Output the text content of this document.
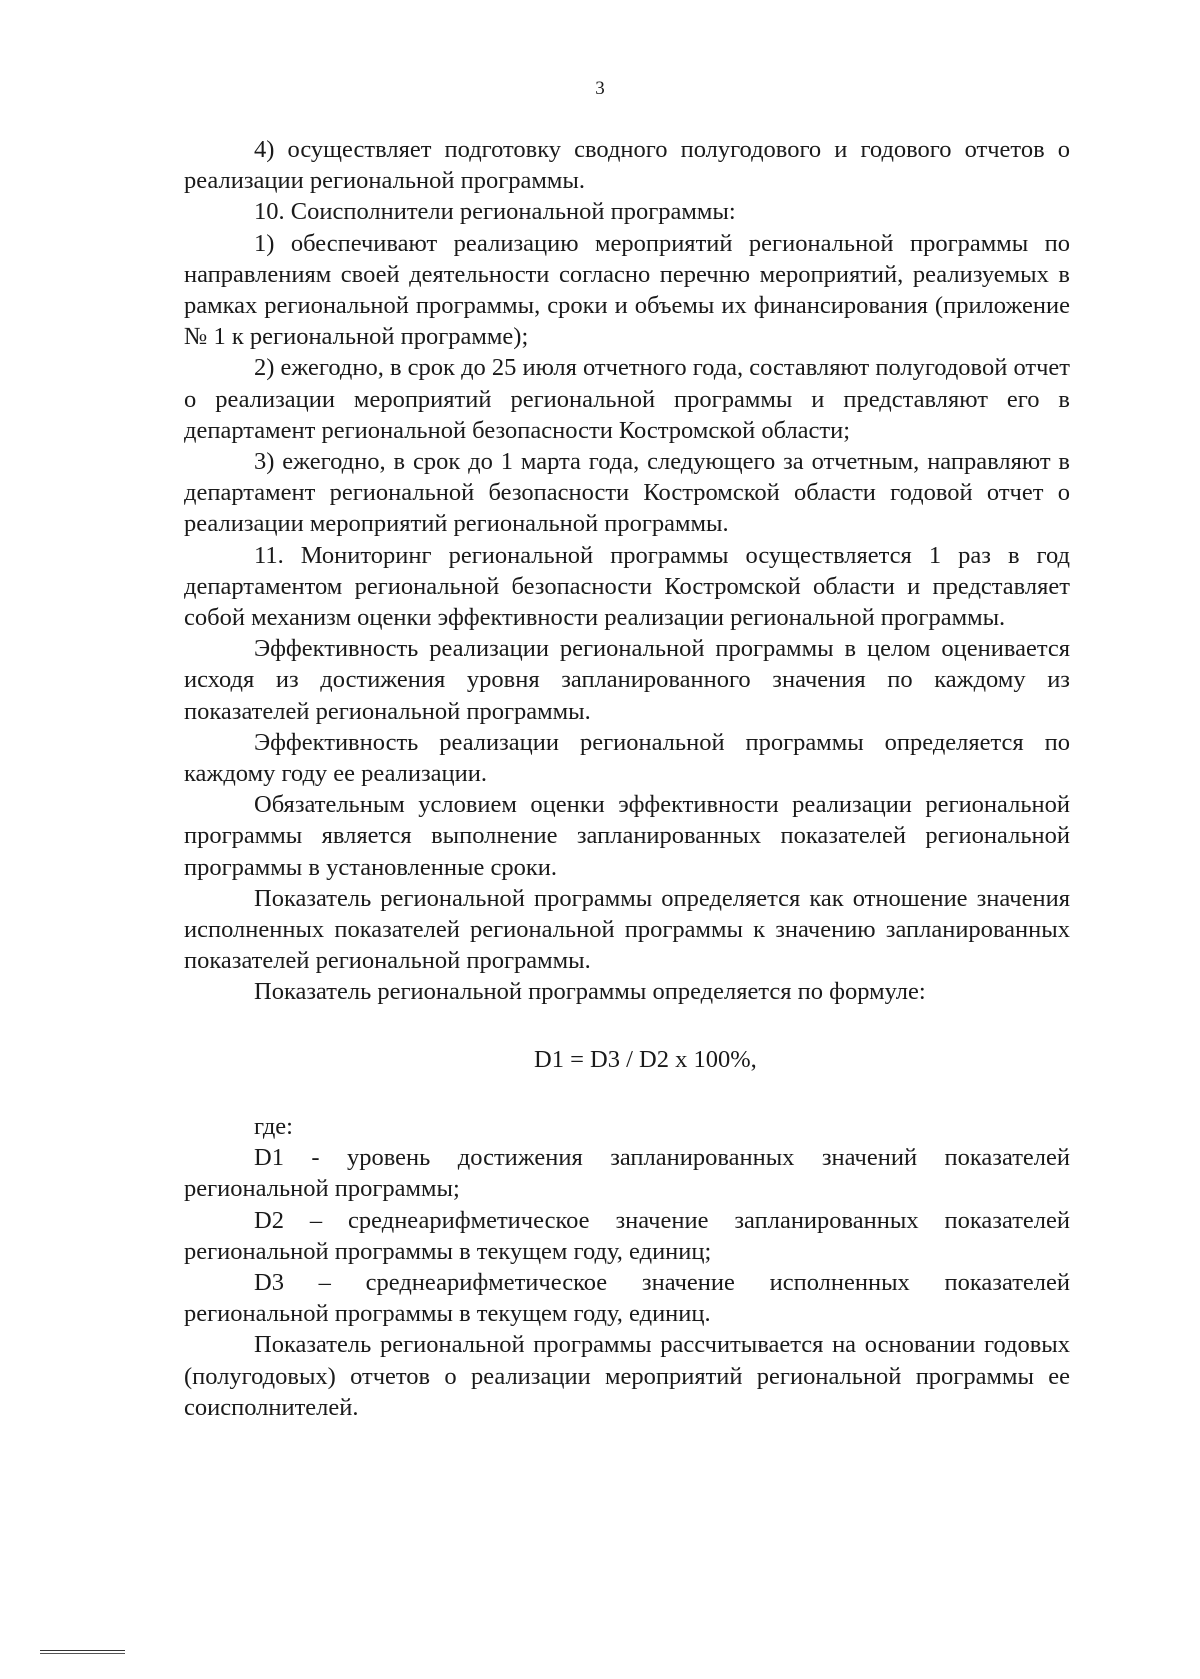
3

4) осуществляет подготовку сводного полугодового и годового отчетов о реализации региональной программы.

10. Соисполнители региональной программы:

1) обеспечивают реализацию мероприятий региональной программы по направлениям своей деятельности согласно перечню мероприятий, реализуемых в рамках региональной программы, сроки и объемы их финансирования (приложение № 1 к региональной программе);

2) ежегодно, в срок до 25 июля отчетного года, составляют полугодовой отчет о реализации мероприятий региональной программы и представляют его в департамент региональной безопасности Костромской области;

3) ежегодно, в срок до 1 марта года, следующего за отчетным, направляют в департамент региональной безопасности Костромской области годовой отчет о реализации мероприятий региональной программы.

11. Мониторинг региональной программы осуществляется 1 раз в год департаментом региональной безопасности Костромской области и представляет собой механизм оценки эффективности реализации региональной программы.

Эффективность реализации региональной программы в целом оценивается исходя из достижения уровня запланированного значения по каждому из показателей региональной программы.

Эффективность реализации региональной программы определяется по каждому году ее реализации.

Обязательным условием оценки эффективности реализации региональной программы является выполнение запланированных показателей региональной программы в установленные сроки.

Показатель региональной программы определяется как отношение значения исполненных показателей региональной программы к значению запланированных показателей региональной программы.

Показатель региональной программы определяется по формуле:

D1 = D3 / D2 x 100%,

где:

D1 - уровень достижения запланированных значений показателей региональной программы;

D2 – среднеарифметическое значение запланированных показателей региональной программы в текущем году, единиц;

D3 – среднеарифметическое значение исполненных показателей региональной программы в текущем году, единиц.

Показатель региональной программы рассчитывается на основании годовых (полугодовых) отчетов о реализации мероприятий региональной программы ее соисполнителей.
